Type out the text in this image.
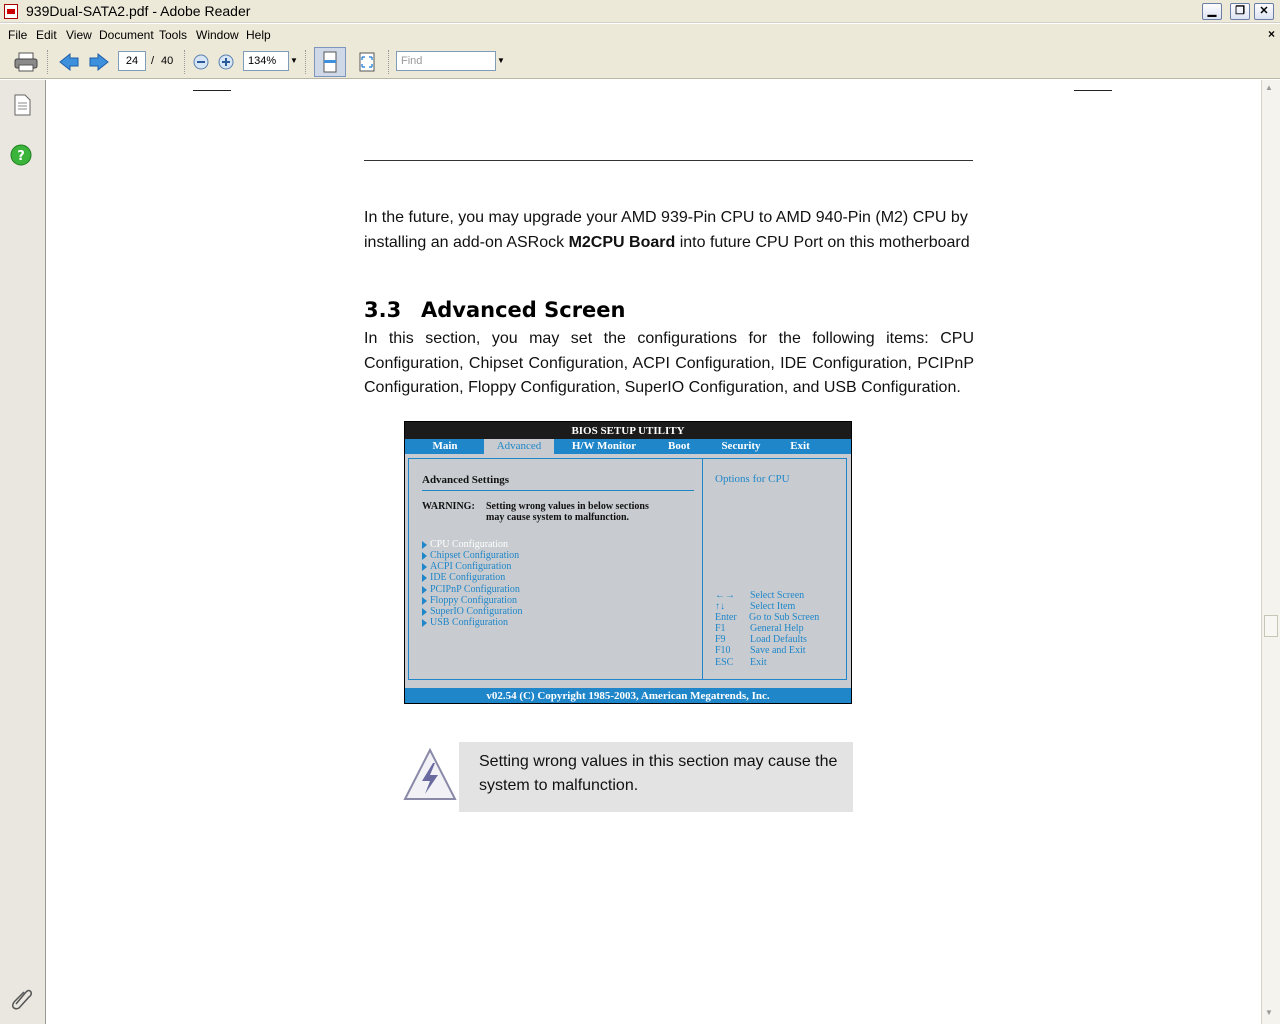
939Dual-SATA2.pdf - Adobe Reader	▁	❐	✕
File Edit View Document Tools Window Help	×
24	/ 40	134%	▼	Find	▼
?
In the future, you may upgrade your AMD 939-Pin CPU to AMD 940-Pin (M2) CPU by installing an add-on ASRock M2CPU Board into future CPU Port on this motherboard
3.3 Advanced Screen
In this section, you may set the configurations for the following items: CPU Configuration, Chipset Configuration, ACPI Configuration, IDE Configuration, PCIPnP Configuration, Floppy Configuration, SuperIO Configuration, and USB Configuration.
BIOS SETUP UTILITY
Main	Advanced	H/W Monitor	Boot	Security	Exit
Advanced Settings
WARNING: Setting wrong values in below sections
may cause system to malfunction.
CPU Configuration
Chipset Configuration
ACPI Configuration
IDE Configuration
PCIPnP Configuration
Floppy Configuration
SuperIO Configuration
USB Configuration
Options for CPU
←→ Select Screen
↑↓	Select Item
Enter Go to Sub Screen
F1 General Help
F9 Load Defaults
F10 Save and Exit
ESC Exit
v02.54 (C) Copyright 1985-2003, American Megatrends, Inc.
Setting wrong values in this section may cause the system to malfunction.
▲
▼
